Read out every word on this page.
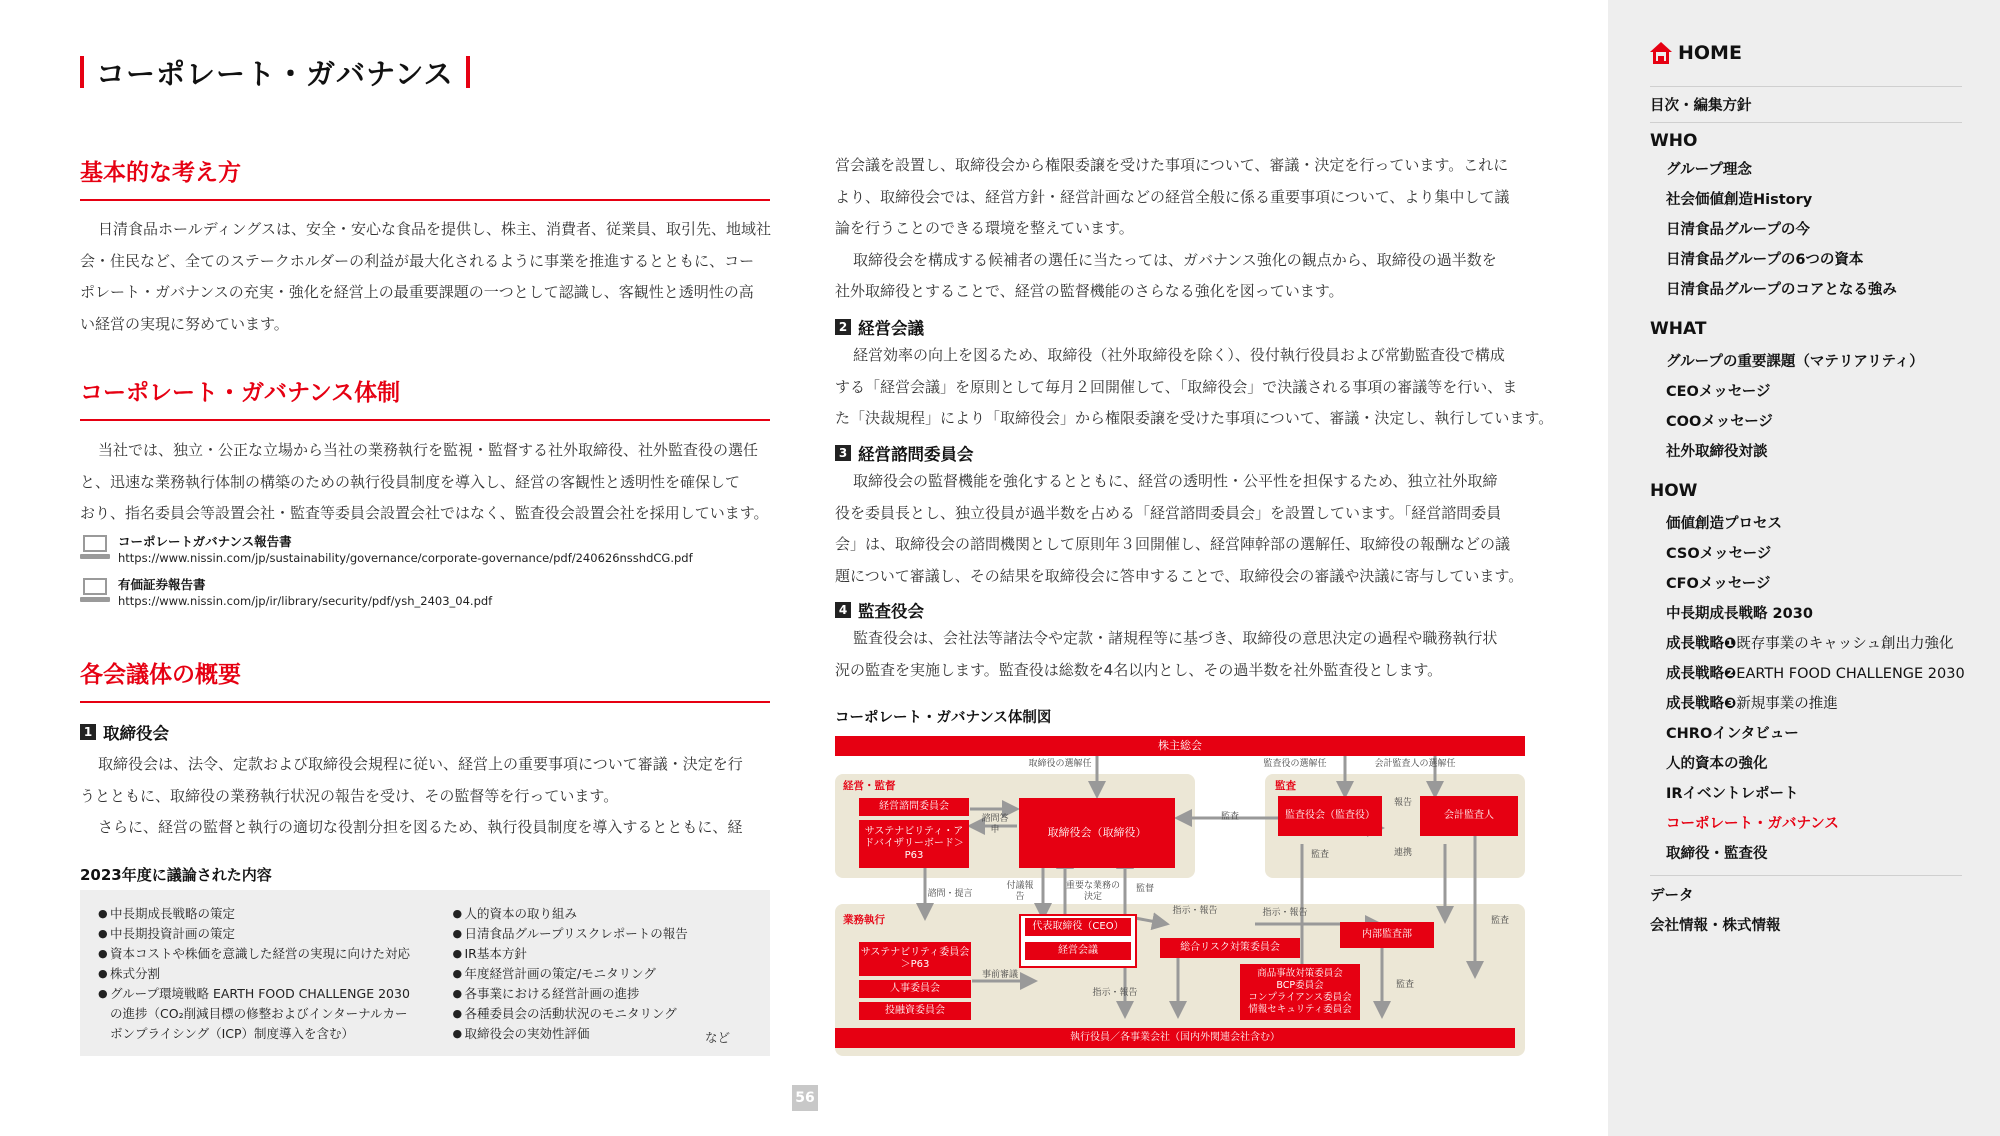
コーポレート・ガバナンス
基本的な考え方
日清食品ホールディングスは、安全・安心な食品を提供し、株主、消費者、従業員、取引先、地域社
会・住民など、全てのステークホルダーの利益が最大化されるように事業を推進するとともに、コー
ポレート・ガバナンスの充実・強化を経営上の最重要課題の一つとして認識し、客観性と透明性の高
い経営の実現に努めています。
コーポレート・ガバナンス体制
当社では、独立・公正な立場から当社の業務執行を監視・監督する社外取締役、社外監査役の選任
と、迅速な業務執行体制の構築のための執行役員制度を導入し、経営の客観性と透明性を確保して
おり、指名委員会等設置会社・監査等委員会設置会社ではなく、監査役会設置会社を採用しています。
コーポレートガバナンス報告書
https://www.nissin.com/jp/sustainability/governance/corporate-governance/pdf/240626nsshdCG.pdf
有価証券報告書
https://www.nissin.com/jp/ir/library/security/pdf/ysh_2403_04.pdf
各会議体の概要
1 取締役会
取締役会は、法令、定款および取締役会規程に従い、経営上の重要事項について審議・決定を行
うとともに、取締役の業務執行状況の報告を受け、その監督等を行っています。
さらに、経営の監督と執行の適切な役割分担を図るため、執行役員制度を導入するとともに、経
2023年度に議論された内容
● 中長期成長戦略の策定
● 中長期投資計画の策定
● 資本コストや株価を意識した経営の実現に向けた対応
● 株式分割
● グループ環境戦略 EARTH FOOD CHALLENGE 2030 の進捗（CO₂削減目標の修整およびインターナルカーボンプライシング（ICP）制度導入を含む）
● 人的資本の取り組み
● 日清食品グループリスクレポートの報告
● IR基本方針
● 年度経営計画の策定/モニタリング
● 各事業における経営計画の進捗
● 各種委員会の活動状況のモニタリング
● 取締役会の実効性評価	など
営会議を設置し、取締役会から権限委譲を受けた事項について、審議・決定を行っています。これに
より、取締役会では、経営方針・経営計画などの経営全般に係る重要事項について、より集中して議
論を行うことのできる環境を整えています。
取締役会を構成する候補者の選任に当たっては、ガバナンス強化の観点から、取締役の過半数を
社外取締役とすることで、経営の監督機能のさらなる強化を図っています。
2 経営会議
経営効率の向上を図るため、取締役（社外取締役を除く）、役付執行役員および常勤監査役で構成
する「経営会議」を原則として毎月２回開催して、「取締役会」で決議される事項の審議等を行い、ま
た「決裁規程」により「取締役会」から権限委譲を受けた事項について、審議・決定し、執行しています。
3 経営諮問委員会
取締役会の監督機能を強化するとともに、経営の透明性・公平性を担保するため、独立社外取締
役を委員長とし、独立役員が過半数を占める「経営諮問委員会」を設置しています。「経営諮問委員
会」は、取締役会の諮問機関として原則年３回開催し、経営陣幹部の選解任、取締役の報酬などの議
題について審議し、その結果を取締役会に答申することで、取締役会の審議や決議に寄与しています。
4 監査役会
監査役会は、会社法等諸法令や定款・諸規程等に基づき、取締役の意思決定の過程や職務執行状
況の監査を実施します。監査役は総数を4名以内とし、その過半数を社外監査役とします。
コーポレート・ガバナンス体制図
株主総会
取締役の選解任	監査役の選解任	会計監査人の選解任
経営・監督
経営諮問委員会
サステナビリティ・アドバイザリーボード＞P63
諮問答申	取締役会（取締役）
監査
監査
監査役会（監査役）
報告
会計監査人
連携
監査
諮問・提言
付議報告
重要な業務の決定
監督
指示・報告	指示・報告
監査
業務執行
代表取締役（CEO）
経営会議	総合リスク対策委員会
内部監査部
サステナビリティ委員会＞P63
人事委員会
投融資委員会
事前審議
指示・報告
商品事故対策委員会
BCP委員会
コンプライアンス委員会
情報セキュリティ委員会
監査
執行役員／各事業会社（国内外関連会社含む）
56
HOME
目次・編集方針
WHO
グループ理念
社会価値創造History
日清食品グループの今
日清食品グループの6つの資本
日清食品グループのコアとなる強み
WHAT
グループの重要課題（マテリアリティ）
CEOメッセージ
COOメッセージ
社外取締役対談
HOW
価値創造プロセス
CSOメッセージ
CFOメッセージ
中長期成長戦略 2030
成長戦略❶既存事業のキャッシュ創出力強化
成長戦略❷EARTH FOOD CHALLENGE 2030
成長戦略❸新規事業の推進
CHROインタビュー
人的資本の強化
IRイベントレポート
コーポレート・ガバナンス
取締役・監査役
データ
会社情報・株式情報
